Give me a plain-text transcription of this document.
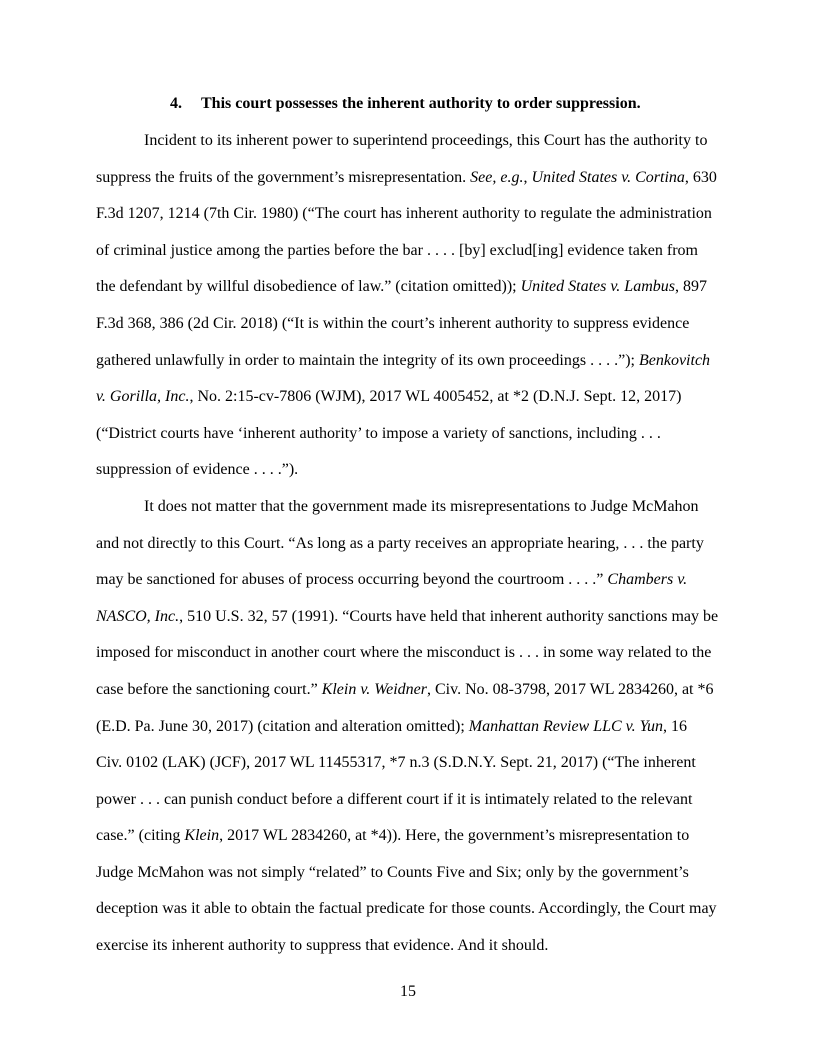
4. This court possesses the inherent authority to order suppression.
Incident to its inherent power to superintend proceedings, this Court has the authority to
suppress the fruits of the government’s misrepresentation. See, e.g., United States v. Cortina, 630
F.3d 1207, 1214 (7th Cir. 1980) (“The court has inherent authority to regulate the administration
of criminal justice among the parties before the bar . . . . [by] exclud[ing] evidence taken from
the defendant by willful disobedience of law.” (citation omitted)); United States v. Lambus, 897
F.3d 368, 386 (2d Cir. 2018) (“It is within the court’s inherent authority to suppress evidence
gathered unlawfully in order to maintain the integrity of its own proceedings . . . .”); Benkovitch
v. Gorilla, Inc., No. 2:15-cv-7806 (WJM), 2017 WL 4005452, at *2 (D.N.J. Sept. 12, 2017)
(“District courts have ‘inherent authority’ to impose a variety of sanctions, including . . .
suppression of evidence . . . .”).
It does not matter that the government made its misrepresentations to Judge McMahon
and not directly to this Court. “As long as a party receives an appropriate hearing, . . . the party
may be sanctioned for abuses of process occurring beyond the courtroom . . . .” Chambers v.
NASCO, Inc., 510 U.S. 32, 57 (1991). “Courts have held that inherent authority sanctions may be
imposed for misconduct in another court where the misconduct is . . . in some way related to the
case before the sanctioning court.” Klein v. Weidner, Civ. No. 08-3798, 2017 WL 2834260, at *6
(E.D. Pa. June 30, 2017) (citation and alteration omitted); Manhattan Review LLC v. Yun, 16
Civ. 0102 (LAK) (JCF), 2017 WL 11455317, *7 n.3 (S.D.N.Y. Sept. 21, 2017) (“The inherent
power . . . can punish conduct before a different court if it is intimately related to the relevant
case.” (citing Klein, 2017 WL 2834260, at *4)). Here, the government’s misrepresentation to
Judge McMahon was not simply “related” to Counts Five and Six; only by the government’s
deception was it able to obtain the factual predicate for those counts. Accordingly, the Court may
exercise its inherent authority to suppress that evidence. And it should.
15
